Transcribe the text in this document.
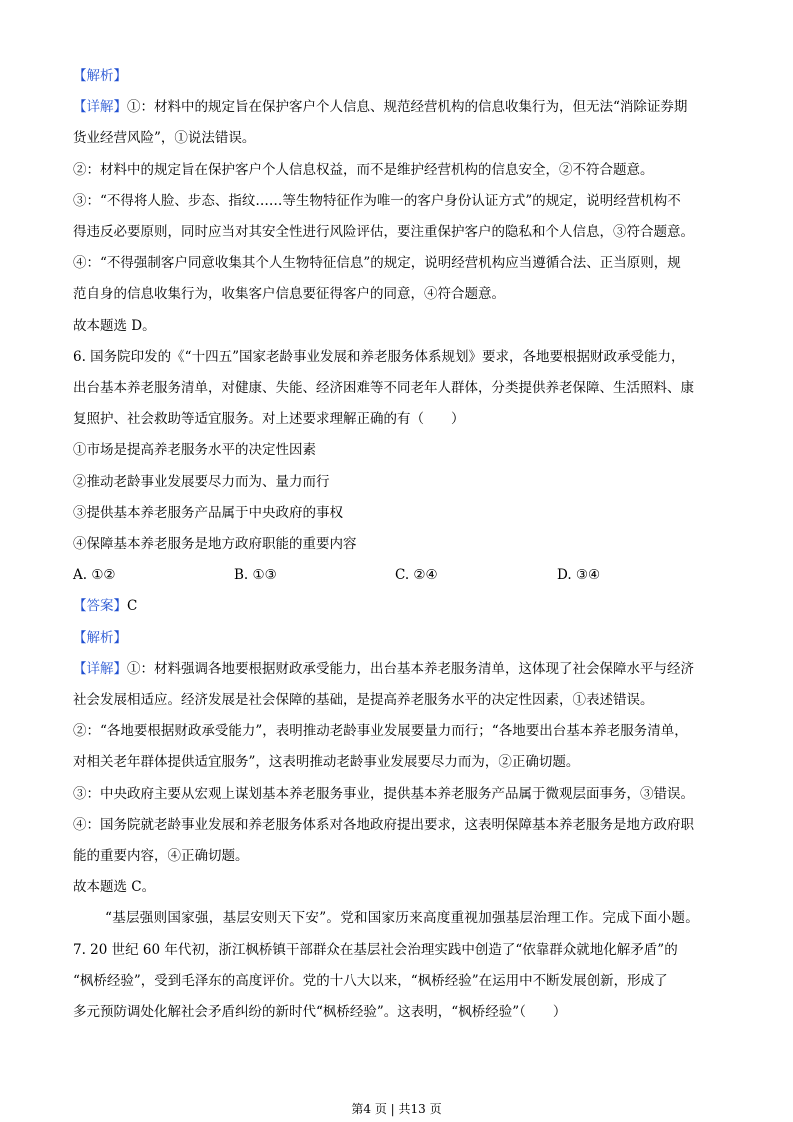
【解析】
【详解】①：材料中的规定旨在保护客户个人信息、规范经营机构的信息收集行为，但无法“消除证券期
货业经营风险”，①说法错误。
②：材料中的规定旨在保护客户个人信息权益，而不是维护经营机构的信息安全，②不符合题意。
③：“不得将人脸、步态、指纹……等生物特征作为唯一的客户身份认证方式”的规定，说明经营机构不
得违反必要原则，同时应当对其安全性进行风险评估，要注重保护客户的隐私和个人信息，③符合题意。
④：“不得强制客户同意收集其个人生物特征信息”的规定，说明经营机构应当遵循合法、正当原则，规
范自身的信息收集行为，收集客户信息要征得客户的同意，④符合题意。
故本题选 D。
6. 国务院印发的《“十四五”国家老龄事业发展和养老服务体系规划》要求，各地要根据财政承受能力，
出台基本养老服务清单，对健康、失能、经济困难等不同老年人群体，分类提供养老保障、生活照料、康
复照护、社会救助等适宜服务。对上述要求理解正确的有（　　）
①市场是提高养老服务水平的决定性因素
②推动老龄事业发展要尽力而为、量力而行
③提供基本养老服务产品属于中央政府的事权
④保障基本养老服务是地方政府职能的重要内容
A. ①②	B. ①③	C. ②④	D. ③④
【答案】C
【解析】
【详解】①：材料强调各地要根据财政承受能力，出台基本养老服务清单，这体现了社会保障水平与经济
社会发展相适应。经济发展是社会保障的基础，是提高养老服务水平的决定性因素，①表述错误。
②：“各地要根据财政承受能力”，表明推动老龄事业发展要量力而行；“各地要出台基本养老服务清单，
对相关老年群体提供适宜服务”，这表明推动老龄事业发展要尽力而为，②正确切题。
③：中央政府主要从宏观上谋划基本养老服务事业，提供基本养老服务产品属于微观层面事务，③错误。
④：国务院就老龄事业发展和养老服务体系对各地政府提出要求，这表明保障基本养老服务是地方政府职
能的重要内容，④正确切题。
故本题选 C。
“基层强则国家强，基层安则天下安”。党和国家历来高度重视加强基层治理工作。完成下面小题。
7. 20 世纪 60 年代初，浙江枫桥镇干部群众在基层社会治理实践中创造了“依靠群众就地化解矛盾”的
“枫桥经验”，受到毛泽东的高度评价。党的十八大以来，“枫桥经验”在运用中不断发展创新，形成了
多元预防调处化解社会矛盾纠纷的新时代“枫桥经验”。这表明，“枫桥经验”（　　）
第4 页 | 共13 页
